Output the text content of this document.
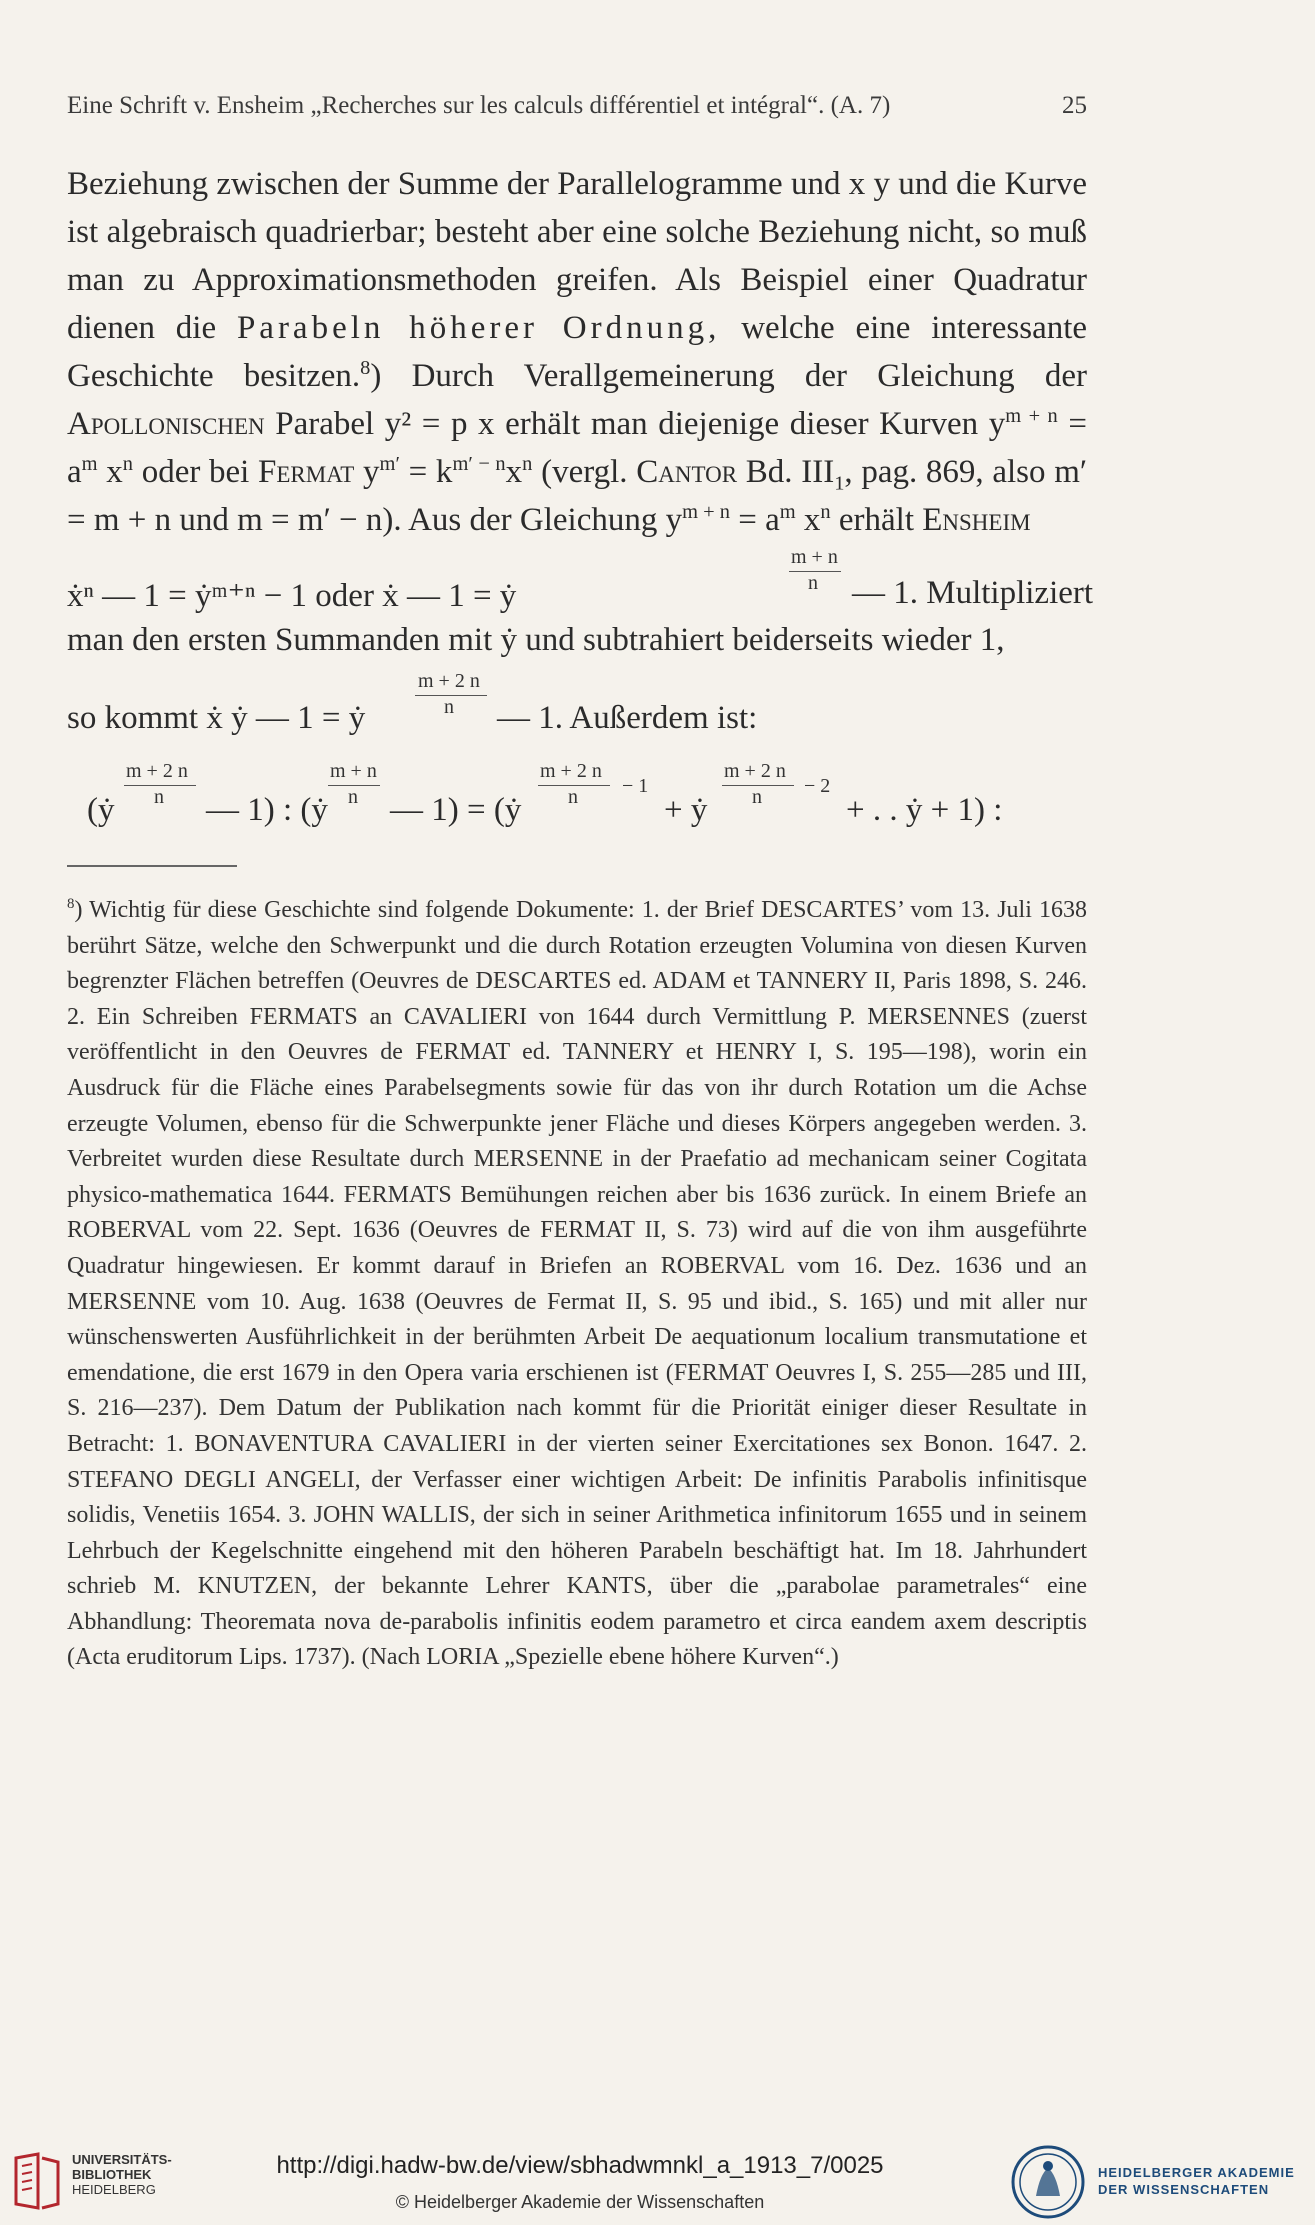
Eine Schrift v. Ensheim „Recherches sur les calculs différentiel et intégral“. (A. 7)	25

Beziehung zwischen der Summe der Parallelogramme und x y und die Kurve ist algebraisch quadrierbar; besteht aber eine solche Beziehung nicht, so muß man zu Approximationsmethoden greifen. Als Beispiel einer Quadratur dienen die Parabeln höherer Ordnung, welche eine interessante Geschichte besitzen.$^8$) Durch Verallgemeinerung der Gleichung der Apollonischen Parabel y² = p x erhält man diejenige dieser Kurven $y^{m + n} = a^m$ $x^n$ oder bei Fermat $y^{m'} = k^{m' - n}x^n$ (vergl. Cantor Bd. $III_1$, pag. 869, also m′ = m + n und m = m′ − n). Aus der Gleichung $y^{m + n} = a^m$ $x^n$ erhält Ensheim

m + n
n
ẋⁿ — 1 = ẏᵐ⁺ⁿ − 1 oder ẋ — 1 = ẏ	— 1. Multipliziert
man den ersten Summanden mit ẏ und subtrahiert beiderseits wieder 1,
m + 2 n
n
so kommt ẋ ẏ — 1 = ẏ	— 1. Außerdem ist:
m + 2 n
n
m + n
n
m + 2 n
n − 1
m + 2 n
n − 2
(ẏ	— 1) : (ẏ — 1) = (ẏ	+ ẏ	+ . . ẏ + 1) :

$^8$) Wichtig für diese Geschichte sind folgende Dokumente: 1. der Brief DESCARTES’ vom 13. Juli 1638 berührt Sätze, welche den Schwerpunkt und die durch Rotation erzeugten Volumina von diesen Kurven begrenzter Flächen betreffen (Oeuvres de DESCARTES ed. ADAM et TANNERY II, Paris 1898, S. 246. 2. Ein Schreiben FERMATS an CAVALIERI von 1644 durch Vermittlung P. MERSENNES (zuerst veröffentlicht in den Oeuvres de FERMAT ed. TANNERY et HENRY I, S. 195—198), worin ein Ausdruck für die Fläche eines Parabelsegments sowie für das von ihr durch Rotation um die Achse erzeugte Volumen, ebenso für die Schwerpunkte jener Fläche und dieses Körpers angegeben werden. 3. Verbreitet wurden diese Resultate durch MERSENNE in der Praefatio ad mechanicam seiner Cogitata physico-mathematica 1644. FERMATS Bemühungen reichen aber bis 1636 zurück. In einem Briefe an ROBERVAL vom 22. Sept. 1636 (Oeuvres de FERMAT II, S. 73) wird auf die von ihm ausgeführte Quadratur hingewiesen. Er kommt darauf in Briefen an ROBERVAL vom 16. Dez. 1636 und an MERSENNE vom 10. Aug. 1638 (Oeuvres de Fermat II, S. 95 und ibid., S. 165) und mit aller nur wünschenswerten Ausführlichkeit in der berühmten Arbeit De aequationum localium transmutatione et emendatione, die erst 1679 in den Opera varia erschienen ist (FERMAT Oeuvres I, S. 255—285 und III, S. 216—237). Dem Datum der Publikation nach kommt für die Priorität einiger dieser Resultate in Betracht: 1. BONAVENTURA CAVALIERI in der vierten seiner Exercitationes sex Bonon. 1647. 2. STEFANO DEGLI ANGELI, der Verfasser einer wichtigen Arbeit: De infinitis Parabolis infinitisque solidis, Venetiis 1654. 3. JOHN WALLIS, der sich in seiner Arithmetica infinitorum 1655 und in seinem Lehrbuch der Kegelschnitte eingehend mit den höheren Parabeln beschäftigt hat. Im 18. Jahrhundert schrieb M. KNUTZEN, der bekannte Lehrer KANTS, über die „parabolae parametrales“ eine Abhandlung: Theoremata nova de-parabolis infinitis eodem parametro et circa eandem axem descriptis (Acta eruditorum Lips. 1737). (Nach LORIA „Spezielle ebene höhere Kurven“.)

UNIVERSITÄTS-
BIBLIOTHEK
HEIDELBERG
http://digi.hadw-bw.de/view/sbhadwmnkl_a_1913_7/0025
© Heidelberger Akademie der Wissenschaften
HEIDELBERGER AKADEMIE
DER WISSENSCHAFTEN
